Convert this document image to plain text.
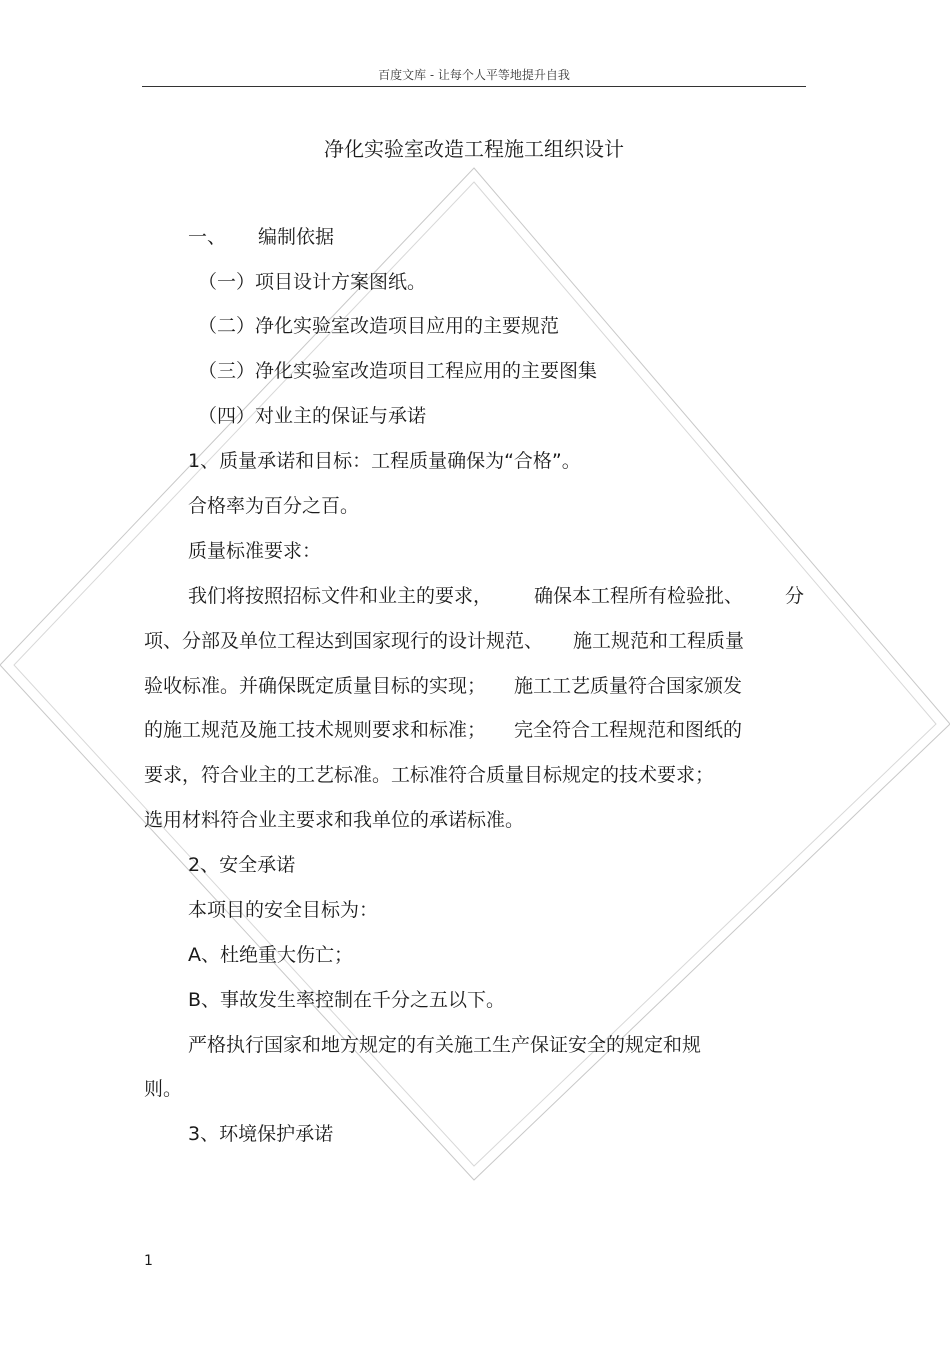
百度文库 - 让每个人平等地提升自我
净化实验室改造工程施工组织设计
一、 编制依据
（一）项目设计方案图纸。
（二）净化实验室改造项目应用的主要规范
（三）净化实验室改造项目工程应用的主要图集
（四）对业主的保证与承诺
1、质量承诺和目标：工程质量确保为“合格”。
合格率为百分之百。
质量标准要求：
我们将按照招标文件和业主的要求， 确保本工程所有检验批、 分
项、分部及单位工程达到国家现行的设计规范、 施工规范和工程质量
验收标准。并确保既定质量目标的实现； 施工工艺质量符合国家颁发
的施工规范及施工技术规则要求和标准； 完全符合工程规范和图纸的
要求，符合业主的工艺标准。工标准符合质量目标规定的技术要求；
选用材料符合业主要求和我单位的承诺标准。
2、安全承诺
本项目的安全目标为：
A、杜绝重大伤亡；
B、事故发生率控制在千分之五以下。
严格执行国家和地方规定的有关施工生产保证安全的规定和规
则。
3、环境保护承诺
1
